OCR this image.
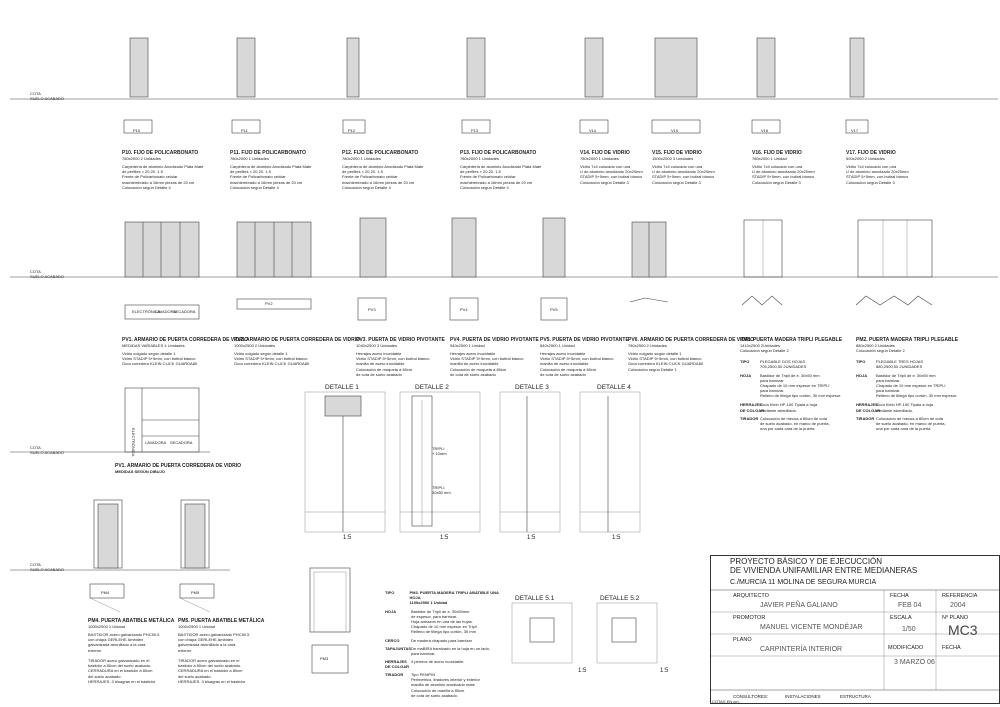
COTA
SUELO ACABADO
COTA
SUELO ACABADO
COTA
SUELO ACABADO
COTA
SUELO ACABADO
P10	P11	P12	P13	V14	V15	V16	V17
P10. FIJO DE POLICARBONATO
780x2000 2 Unidades
Carpintería de aluminio Anodizado Plata Mate
de perfiles × 20.20. 1.5
Frente de Policarbonato celular
machiembrado a 16mm piezas de 20 cm
Colocación según Detalle 4
P11. FIJO DE POLICARBONATO
780x2000 1 Unidades
Carpintería de aluminio Anodizado Plata Mate
de perfiles × 20.20. 1.5
Frente de Policarbonato celular
machiembrado a 16mm piezas de 20 cm
Colocación según Detalle 4
P12. FIJO DE POLICARBONATO
780x2000 1 Unidades
Carpintería de aluminio Anodizado Plata Mate
de perfiles × 20.20. 1.5
Frente de Policarbonato celular
machiembrado a 16mm piezas de 20 cm
Colocación según Detalle 4
P13. FIJO DE POLICARBONATO
780x2000 1 Unidades
Carpintería de aluminio Anodizado Plata Mate
de perfiles × 20.20. 1.5
Frente de Policarbonato celular
machiembrado a 16mm piezas de 20 cm
Colocación según Detalle 4
V14. FIJO DE VIDRIO
780x2000 1 Unidades
Vidrio 7x4 colocado con una
U de aluminio anodizado 20x20mm
STADIP 5+5mm, con butiral blanco
Colocación según Detalle 3
V15. FIJO DE VIDRIO
1500x2000 3 Unidades
Vidrio 7x4 colocado con una
U de aluminio anodizado 20x20mm
STADIP 5+5mm, con butiral blanco
Colocación según Detalle 3
V16. FIJO DE VIDRIO
780x2000 1 Unidad
Vidrio 7x4 colocado con una
U de aluminio anodizado 20x20mm
STADIP 5+5mm, con butiral blanco
Colocación según Detalle 3
V17. FIJO DE VIDRIO
500x2000 2 Unidades
Vidrio 7x4 colocado con una
U de aluminio anodizado 20x20mm
STADIP 5+5mm, con butiral blanco
Colocación según Detalle 3
PV2
PV3	PV4	PV5
ELECTRÓNICA
LAVADORA
SECADORA
PV1. ARMARIO DE PUERTA CORREDERA DE VIDRIO
MEDIDAS VARIABLES 4 Unidades
Vidrio colgado según detalle 1
Vidrio STADIP 5+5mm, con butiral blanco
Guía corredera KLEIN CLICK GUARDA80
PV2. ARMARIO DE PUERTA CORREDERA DE VIDRIO
1000x2500 2 Unidades
Vidrio colgado según detalle 1
Vidrio STADIP 5+5mm, con butiral blanco
Guía corredera KLEIN CLICK GUARDA80
PV3. PUERTA DE VIDRIO PIVOTANTE
1040x2500 3 Unidades
Herrajes acero inoxidable
Vidrio STADIP 5+5mm, con butiral blanco
manilla de acero inoxidable
Colocación de moqueta a 80cm
de cota de suelo acabado
PV4. PUERTA DE VIDRIO PIVOTANTE
940x2500 1 Unidad
Herrajes acero inoxidable
Vidrio STADIP 5+5mm, con butiral blanco
manilla de acero inoxidable
Colocación de moqueta a 80cm
de cota de suelo acabado
PV5. PUERTA DE VIDRIO PIVOTANTE
840x2500 1 Unidad
Herrajes acero inoxidable
Vidrio STADIP 5+5mm, con butiral blanco
manilla de acero inoxidable
Colocación de moqueta a 80cm
de cota de suelo acabado
PV6. ARMARIO DE PUERTA CORREDERA DE VIDRIO
780x2500 2 Unidades
Vidrio colgado según detalle 1
Vidrio STADIP 5+5mm, con butiral blanco
Guía corredera KLEIN CLICK GUARDA80
Colocación según Detalle 1
PM1. PUERTA MADERA TRIPLI PLEGABLE
1410x2500 2Unidades
Colocación según Detalle 2
TIPO	PLEGABLE DOS HOJAS
705,2500,50 2UNIDADES
HOJA	Bastidor de Tripli de e. 30x50 mm
para barnizar.
Chapado de 10 mm espesor en TRIPLI
para barnizar.
Relleno de tiliega tipo cortón, 30 mm espesor.
HERRAJES
Guía Klein HP-150 Tipala a hoja
DE COLGAR
medianie atornillado.
TIRADOR Colocación de mecua a 80cm de cota
de suelo acabado, en marco de puerta,
una por cada cara de la puerta
PM2. PUERTA MADERA TRIPLI PLEGABLE
880x2500 2 Unidades
Colocación según Detalle 2
TIPO	PLEGABLE TRES HOJAS
880,2500,50 2UNIDADES
HOJA	Bastidor de Tripli de e. 30x50 mm
para barnizar.
Chapado de 10 mm espesor en TRIPLI
para barnizar.
Relleno de tiliega tipo cortón, 30 mm espesor.
HERRAJES
Guía Klein HP-150 Tipala a hoja
DE COLGAR
medianie atornillado.
TIRADOR Colocación de mecua a 80cm de cota
de suelo acabado, en marco de puerta,
una por cada cara de la puerta
ELECTRÓNICA LAVADORA SECADORA
PV1. ARMARIO DE PUERTA CORREDERA DE VIDRIO
MEDIDAS SEGÚN DIBUJO
DETALLE 1	DETALLE 2	DETALLE 3	DETALLE 4
TRIPLI
+ 10mm
TRIPLI
30x50 mm
1:5	1:5	1:5	1:5
DETALLE 5.1	DETALLE 5.2
1:5	1:5
PM4	PM5
PM4. PUERTA ABATIBLE METÁLICA
1000x2500 1 Unidad
BASTIDOR acero galvanizado PHC50.5
con chapa GERLEHE Ambidex
galvanizada atornillado a la cara
exterior

TIRADOR acero galvanizado en el
bastidor a 80cm del suelo acabado.
CERRADURA en el bastidor a 80cm
del suelo acabado.
HERRAJES: 3 bisagras en el bastidor
PM5. PUERTA ABATIBLE METÁLICA
1000x2500 1 Unidad
BASTIDOR acero galvanizado PHC50.5
con chapa GERLEHE Ambidex
galvanizada atornillado a la cara
exterior

TIRADOR acero galvanizado en el
bastidor a 80cm del suelo acabado.
CERRADURA en el bastidor a 80cm
del suelo acabado.
HERRAJES: 3 bisagras en el bastidor
PM3
TIPO	PM3. PUERTA MADERA TRIPLI ABATIBLE UNA HOJA
1100x2500 1 Unidad
HOJA	Bastidor de Tripli de e. 30x50mm
de espesor, para barnizar.
Hoja armazon en una de las hojas.
Chapado de 10 mm espesor en Tripli
Relleno de tiliega tipo cortón, 30 mm
CERCO	De madera chapado para barnizar
TAPAJUNTAS De maBIRA barnizado en la hoja en un lado,
para barnizar.
HERRAJES
DE COLGAR
4 pernios de acero inoxidable.
TIRADOR	Tipo PEMPIN
Perimetrico, tiradores interior y exterior
manilla de aluminio anodizado mate
Colocación de manilla a 80cm
de cota de suelo acabado.
PROYECTO BÁSICO Y DE EJECUCCIÓN
DE VIVIENDA UNIFAMILIAR ENTRE MEDIANERAS
C./MURCIA 11 MOLINA DE SEGURA MURCIA
ARQUITECTO
JAVIER PEÑA GALIANO
PROMOTOR
MANUEL VICENTE MONDÉJAR
PLANO
CARPINTERÍA INTERIOR
FECHA
FEB 04
REFERENCIA
2004
ESCALA
1/50
Nº PLANO
MC3
MODIFICADO
3 MARZO 06
FECHA
CONSULTORES:	INSTALACIONES	ESTRUCTURA
COTAS EN cm.
